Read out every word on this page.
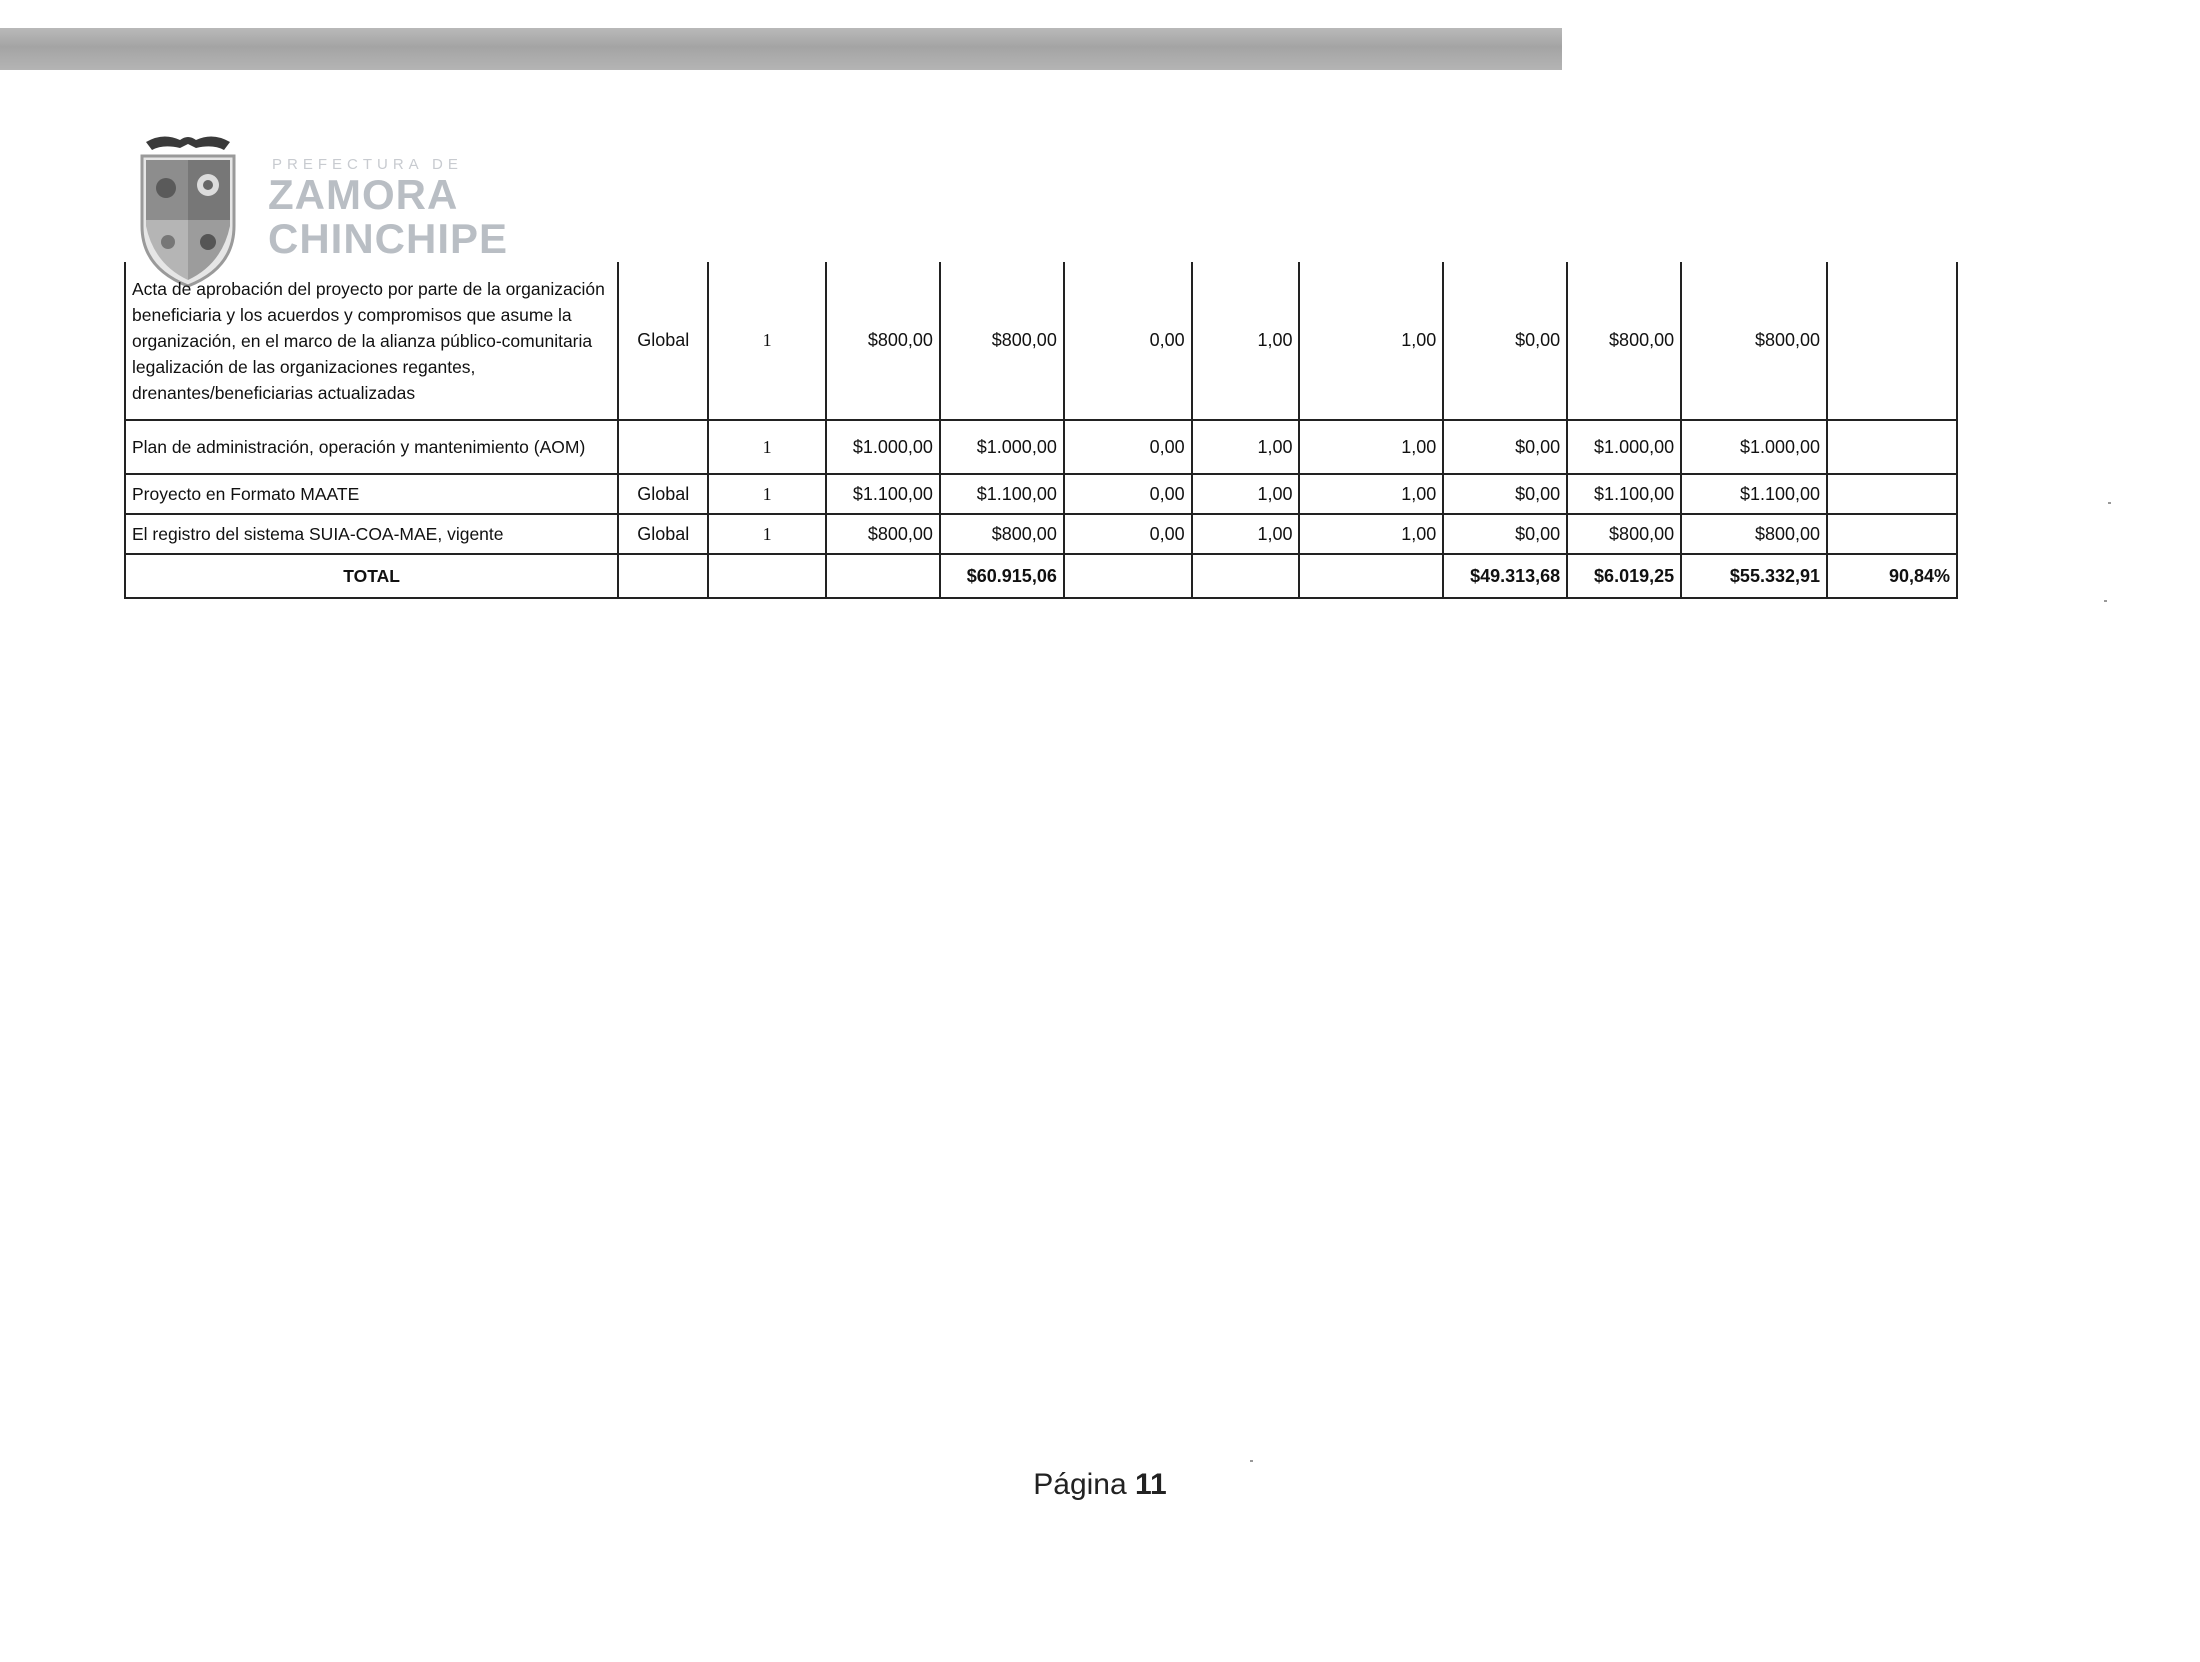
PREFECTURA DE
ZAMORA
CHINCHIPE
Acta de aprobación del proyecto por parte de la organización beneficiaria y los acuerdos y compromisos que asume la organización, en el marco de la alianza público-comunitaria legalización de las organizaciones regantes, drenantes/beneficiarias actualizadas	Global	1	$800,00	$800,00	0,00	1,00	1,00	$0,00	$800,00	$800,00	
Plan de administración, operación y mantenimiento (AOM)		1	$1.000,00	$1.000,00	0,00	1,00	1,00	$0,00	$1.000,00	$1.000,00	
Proyecto en Formato MAATE	Global	1	$1.100,00	$1.100,00	0,00	1,00	1,00	$0,00	$1.100,00	$1.100,00	
El registro del sistema SUIA-COA-MAE, vigente	Global	1	$800,00	$800,00	0,00	1,00	1,00	$0,00	$800,00	$800,00	
TOTAL				$60.915,06				$49.313,68	$6.019,25	$55.332,91	90,84%
Página 11
